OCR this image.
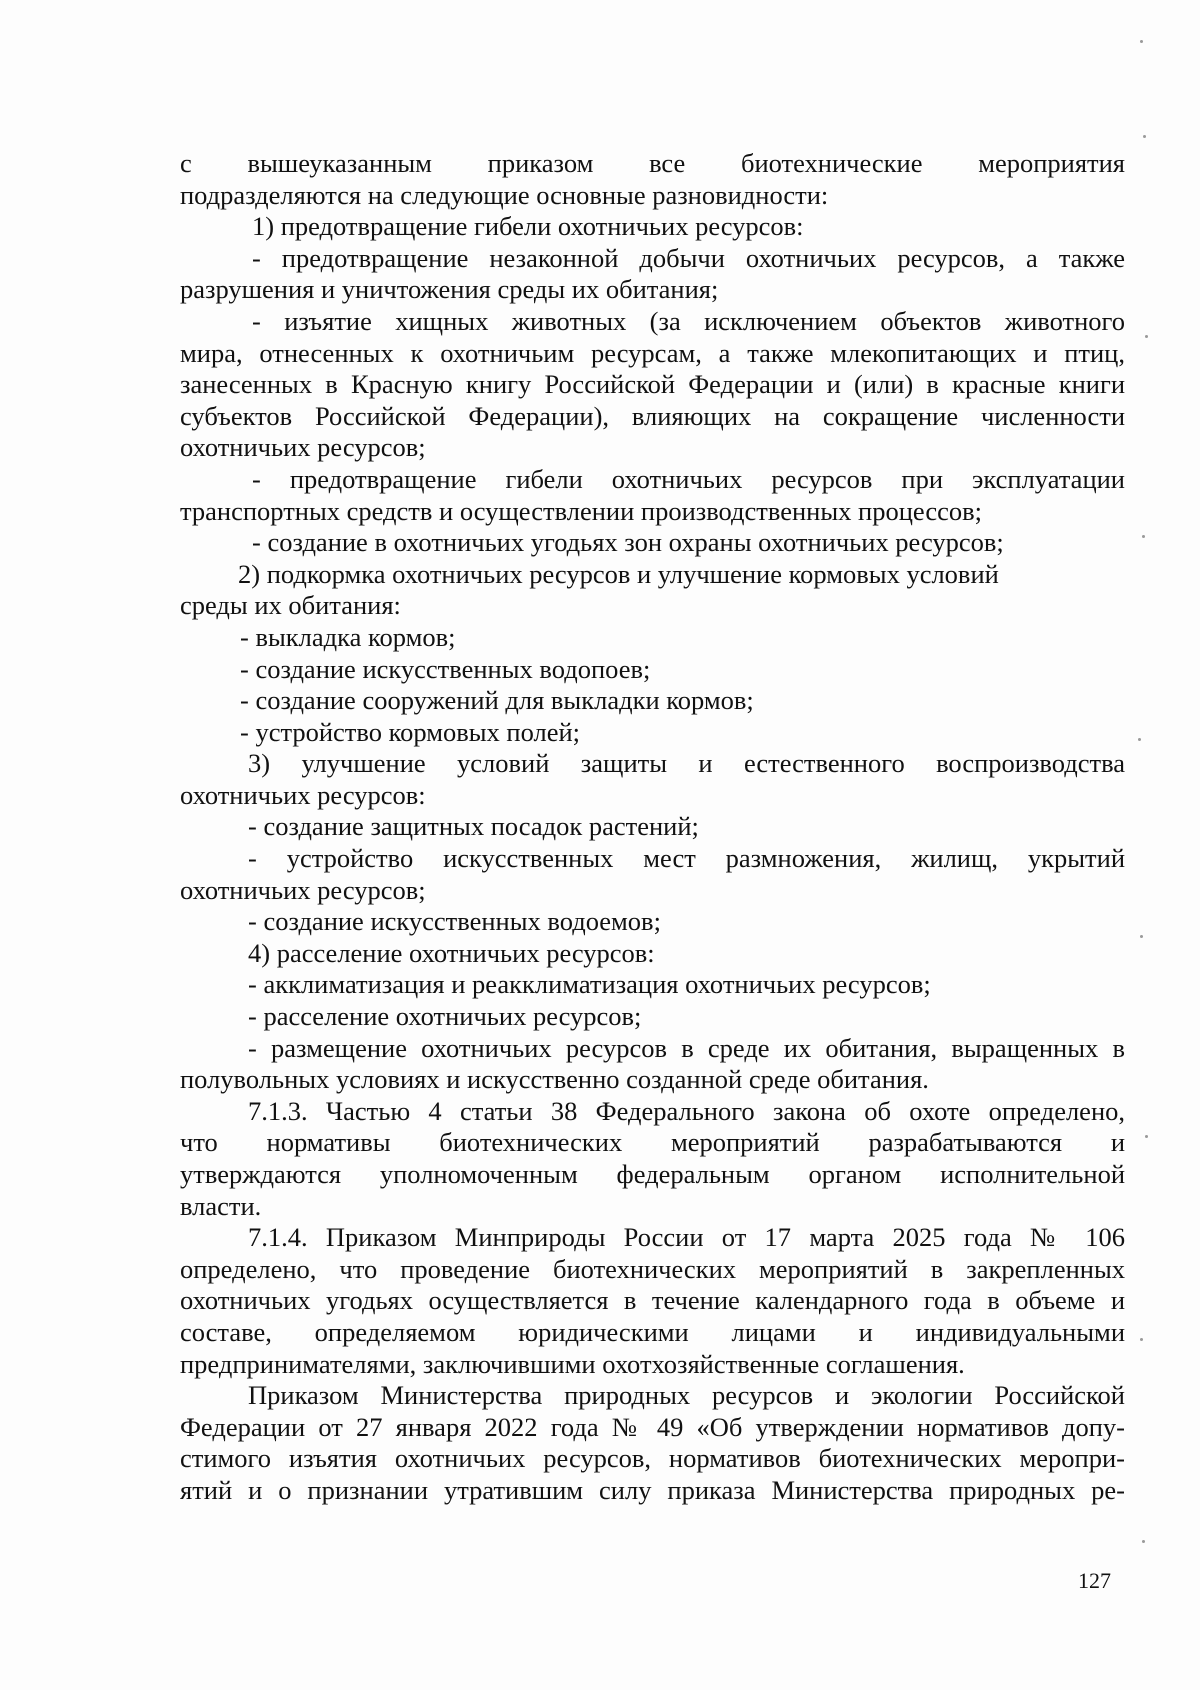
с вышеуказанным приказом все биотехнические мероприятия
подразделяются на следующие основные разновидности:
1) предотвращение гибели охотничьих ресурсов:
- предотвращение незаконной добычи охотничьих ресурсов, а также
разрушения и уничтожения среды их обитания;
- изъятие хищных животных (за исключением объектов животного
мира, отнесенных к охотничьим ресурсам, а также млекопитающих и птиц,
занесенных в Красную книгу Российской Федерации и (или) в красные книги
субъектов Российской Федерации), влияющих на сокращение численности
охотничьих ресурсов;
- предотвращение гибели охотничьих ресурсов при эксплуатации
транспортных средств и осуществлении производственных процессов;
- создание в охотничьих угодьях зон охраны охотничьих ресурсов;
2) подкормка охотничьих ресурсов и улучшение кормовых условий
среды их обитания:
- выкладка кормов;
- создание искусственных водопоев;
- создание сооружений для выкладки кормов;
- устройство кормовых полей;
3) улучшение условий защиты и естественного воспроизводства
охотничьих ресурсов:
- создание защитных посадок растений;
- устройство искусственных мест размножения, жилищ, укрытий
охотничьих ресурсов;
- создание искусственных водоемов;
4) расселение охотничьих ресурсов:
- акклиматизация и реакклиматизация охотничьих ресурсов;
- расселение охотничьих ресурсов;
- размещение охотничьих ресурсов в среде их обитания, выращенных в
полувольных условиях и искусственно созданной среде обитания.
7.1.3. Частью 4 статьи 38 Федерального закона об охоте определено,
что нормативы биотехнических мероприятий разрабатываются и
утверждаются уполномоченным федеральным органом исполнительной
власти.
7.1.4. Приказом Минприроды России от 17 марта 2025 года № 106
определено, что проведение биотехнических мероприятий в закрепленных
охотничьих угодьях осуществляется в течение календарного года в объеме и
составе, определяемом юридическими лицами и индивидуальными
предпринимателями, заключившими охотхозяйственные соглашения.
Приказом Министерства природных ресурсов и экологии Российской
Федерации от 27 января 2022 года № 49 «Об утверждении нормативов допу-
стимого изъятия охотничьих ресурсов, нормативов биотехнических меропри-
ятий и о признании утратившим силу приказа Министерства природных ре-
127
